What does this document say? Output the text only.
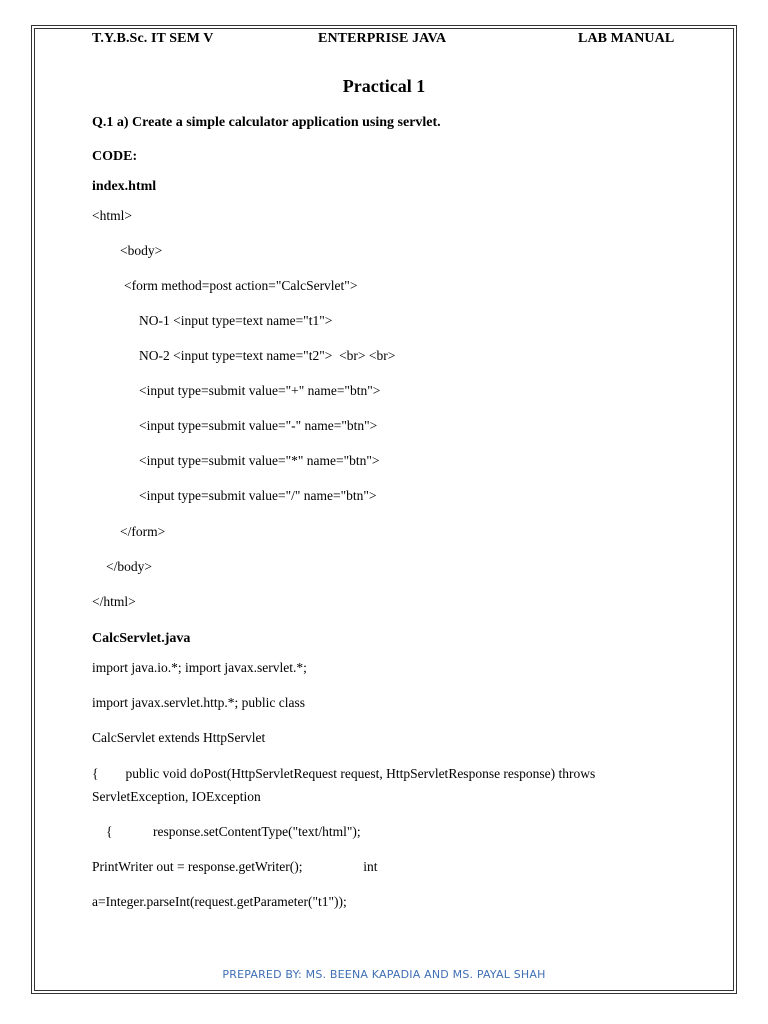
T.Y.B.Sc. IT SEM V	ENTERPRISE JAVA	LAB MANUAL
Practical 1
Q.1 a) Create a simple calculator application using servlet.
CODE:
index.html
<html>
<body>
<form method=post action="CalcServlet">
NO-1 <input type=text name="t1">
NO-2 <input type=text name="t2">  <br> <br>
<input type=submit value="+" name="btn">
<input type=submit value="-" name="btn">
<input type=submit value="*" name="btn">
<input type=submit value="/" name="btn">
</form>
</body>
</html>
CalcServlet.java
import java.io.*; import javax.servlet.*;
import javax.servlet.http.*; public class
CalcServlet extends HttpServlet
{        public void doPost(HttpServletRequest request, HttpServletResponse response) throws
ServletException, IOException
{            response.setContentType("text/html");
PrintWriter out = response.getWriter();                  int
a=Integer.parseInt(request.getParameter("t1"));
PREPARED BY: MS. BEENA KAPADIA AND MS. PAYAL SHAH
